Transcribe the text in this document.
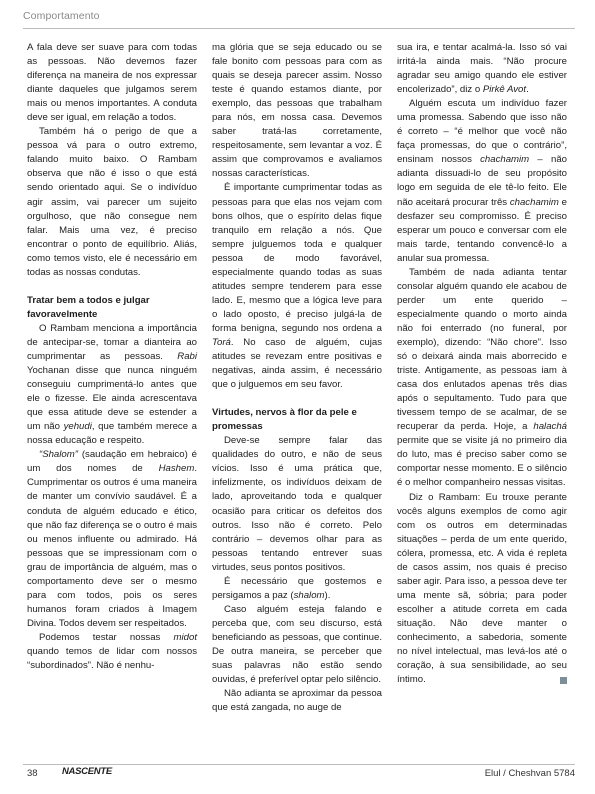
Comportamento

A fala deve ser suave para com todas as pessoas. Não devemos fazer diferença na maneira de nos expressar diante daqueles que julgamos serem mais ou menos importantes. A conduta deve ser igual, em relação a todos.

Também há o perigo de que a pessoa vá para o outro extremo, falando muito baixo. O Rambam observa que não é isso o que está sendo orientado aqui. Se o indivíduo agir assim, vai parecer um sujeito orgulhoso, que não consegue nem falar. Mais uma vez, é preciso encontrar o ponto de equilíbrio. Aliás, como temos visto, ele é necessário em todas as nossas condutas.

Tratar bem a todos e julgar favoravelmente

O Rambam menciona a importância de antecipar-se, tomar a dianteira ao cumprimentar as pessoas. Rabi Yochanan disse que nunca ninguém conseguiu cumprimentá-lo antes que ele o fizesse. Ele ainda acrescentava que essa atitude deve se estender a um não yehudi, que também merece a nossa educação e respeito.

“Shalom” (saudação em hebraico) é um dos nomes de Hashem. Cumprimentar os outros é uma maneira de manter um convívio saudável. É a conduta de alguém educado e ético, que não faz diferença se o outro é mais ou menos influente ou admirado. Há pessoas que se impressionam com o grau de importância de alguém, mas o comportamento deve ser o mesmo para com todos, pois os seres humanos foram criados à Imagem Divina. Todos devem ser respeitados.

Podemos testar nossas midot quando temos de lidar com nossos “subordinados”. Não é nenhu-

ma glória que se seja educado ou se fale bonito com pessoas para com as quais se deseja parecer assim. Nosso teste é quando estamos diante, por exemplo, das pessoas que trabalham para nós, em nossa casa. Devemos saber tratá-las corretamente, respeitosamente, sem levantar a voz. É assim que comprovamos e avaliamos nossas características.

É importante cumprimentar todas as pessoas para que elas nos vejam com bons olhos, que o espírito delas fique tranquilo em relação a nós. Que sempre julguemos toda e qualquer pessoa de modo favorável, especialmente quando todas as suas atitudes sempre tenderem para esse lado. E, mesmo que a lógica leve para o lado oposto, é preciso julgá-la de forma benigna, segundo nos ordena a Torá. No caso de alguém, cujas atitudes se revezam entre positivas e negativas, ainda assim, é necessário que o julguemos em seu favor.

Virtudes, nervos à flor da pele e promessas

Deve-se sempre falar das qualidades do outro, e não de seus vícios. Isso é uma prática que, infelizmente, os indivíduos deixam de lado, aproveitando toda e qualquer ocasião para criticar os defeitos dos outros. Isso não é correto. Pelo contrário – devemos olhar para as pessoas tentando entrever suas virtudes, seus pontos positivos.

É necessário que gostemos e persigamos a paz (shalom).

Caso alguém esteja falando e perceba que, com seu discurso, está beneficiando as pessoas, que continue. De outra maneira, se perceber que suas palavras não estão sendo ouvidas, é preferível optar pelo silêncio.

Não adianta se aproximar da pessoa que está zangada, no auge de

sua ira, e tentar acalmá-la. Isso só vai irritá-la ainda mais. “Não procure agradar seu amigo quando ele estiver encolerizado”, diz o Pirkê Avot.

Alguém escuta um indivíduo fazer uma promessa. Sabendo que isso não é correto – “é melhor que você não faça promessas, do que o contrário”, ensinam nossos chachamim – não adianta dissuadi-lo de seu propósito logo em seguida de ele tê-lo feito. Ele não aceitará procurar três chachamim e desfazer seu compromisso. É preciso esperar um pouco e conversar com ele mais tarde, tentando convencê-lo a anular sua promessa.

Também de nada adianta tentar consolar alguém quando ele acabou de perder um ente querido – especialmente quando o morto ainda não foi enterrado (no funeral, por exemplo), dizendo: “Não chore”. Isso só o deixará ainda mais aborrecido e triste. Antigamente, as pessoas iam à casa dos enlutados apenas três dias após o sepultamento. Tudo para que tivessem tempo de se acalmar, de se recuperar da perda. Hoje, a halachá permite que se visite já no primeiro dia do luto, mas é preciso saber como se comportar nesse momento. E o silêncio é o melhor companheiro nessas visitas.

Diz o Rambam: Eu trouxe perante vocês alguns exemplos de como agir com os outros em determinadas situações – perda de um ente querido, cólera, promessa, etc. A vida é repleta de casos assim, nos quais é preciso saber agir. Para isso, a pessoa deve ter uma mente sã, sóbria; para poder escolher a atitude correta em cada situação. Não deve manter o conhecimento, a sabedoria, somente no nível intelectual, mas levá-los até o coração, à sua sensibilidade, ao seu íntimo.

38	NASCENTE	Elul / Cheshvan 5784
